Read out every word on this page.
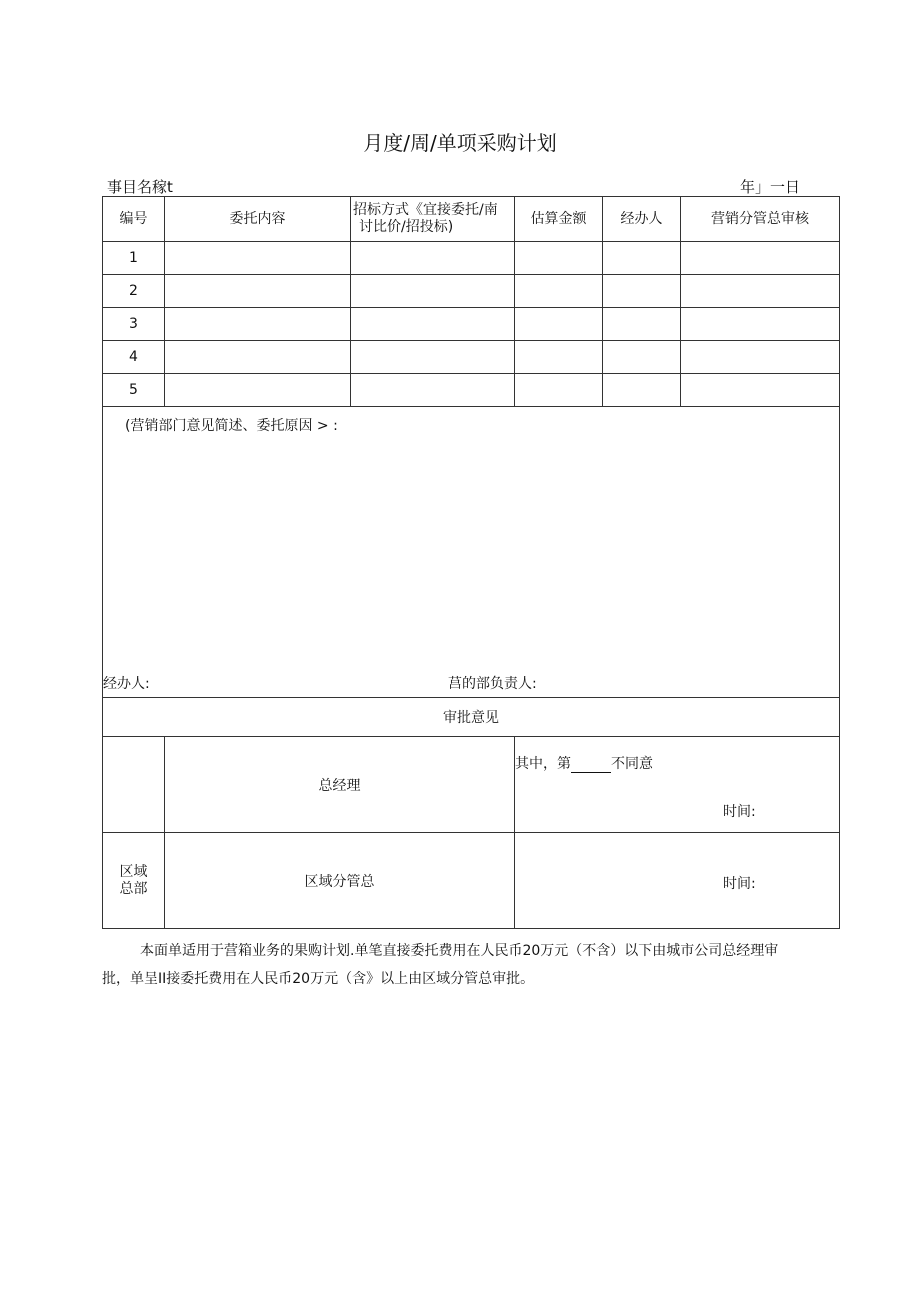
月度/周/单项采购计划
事目名稼t	年」一日
编号	委托内容	招标方式《宜接委托/南
讨比价/招投标)	估算金额	经办人	营销分管总审核
1					
2					
3					
4					
5					

(营销部门意见简述、委托原因 > :
经办人: 莒的部负责人:					

审批意见					
	总经理		其中，第 不同意
时间:		

区域
总部	区域分管总		时间:		
本面单适用于营箱业务的果购计划.单笔直接委托费用在人民币20万元（不含）以下由城市公司总经理审批，单呈II接委托费用在人民币20万元（含》以上由区域分管总审批。
